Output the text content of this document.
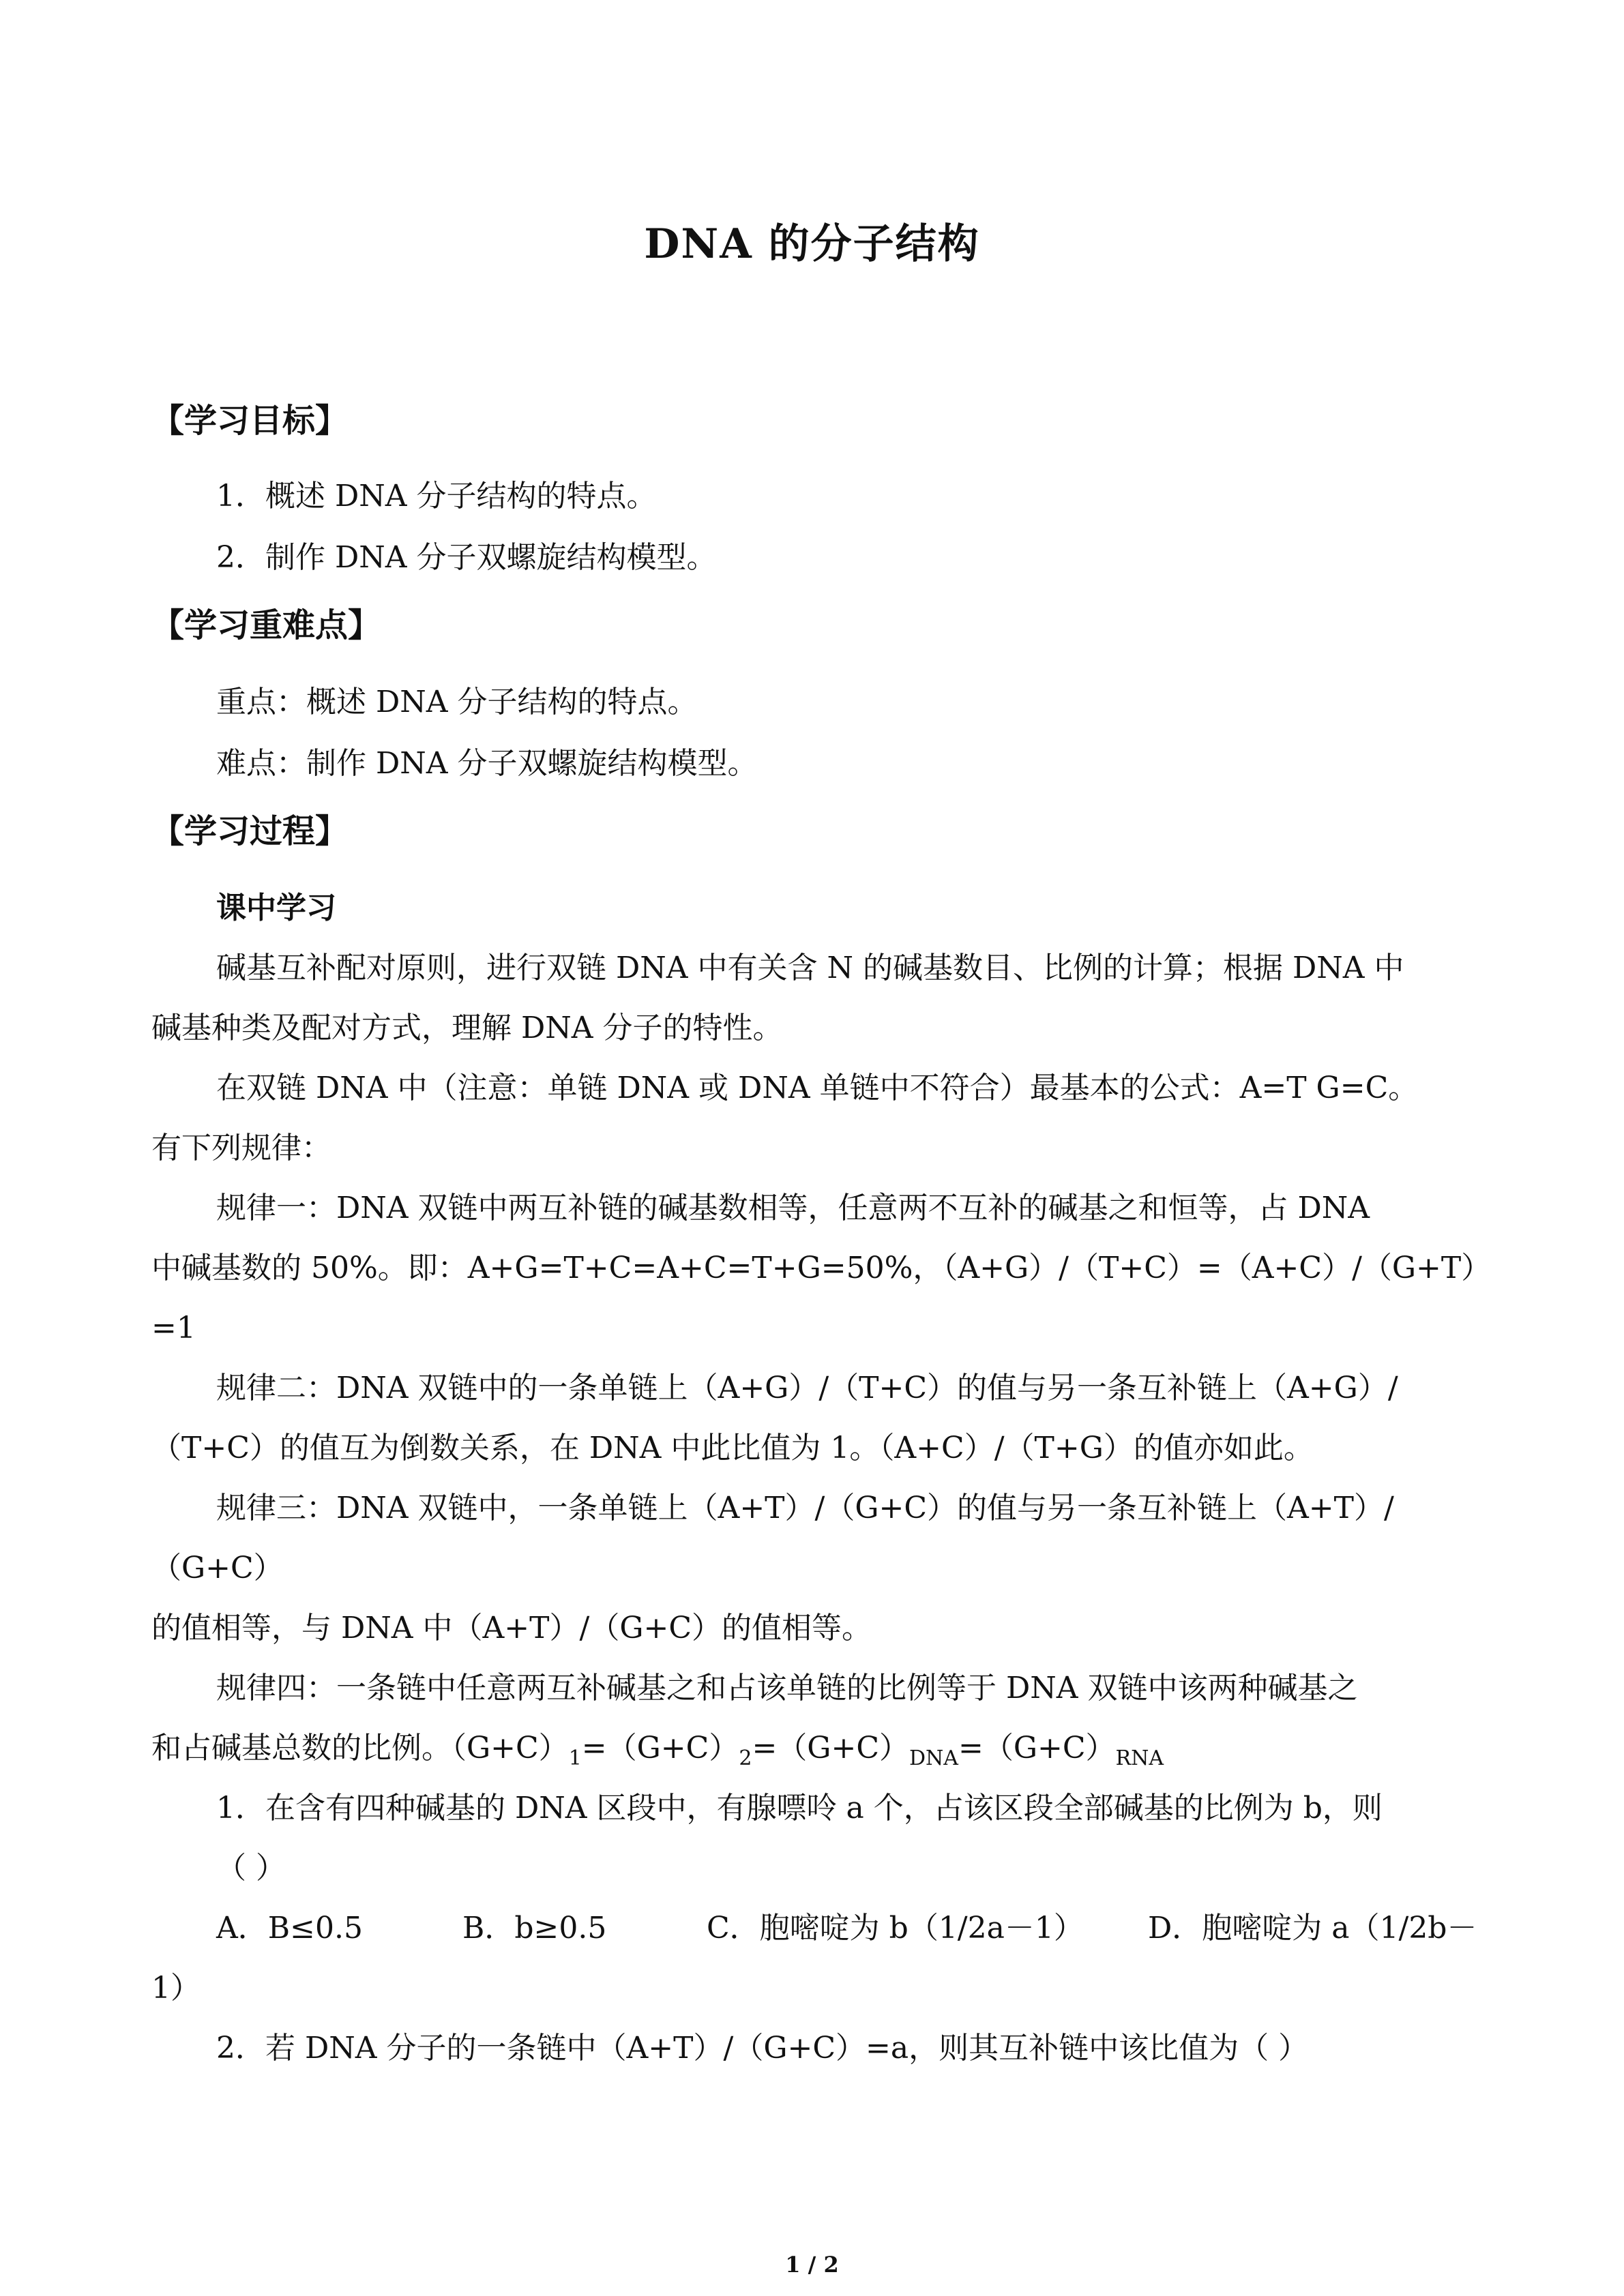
DNA 的分子结构
【学习目标】
1．概述 DNA 分子结构的特点。
2．制作 DNA 分子双螺旋结构模型。
【学习重难点】
重点：概述 DNA 分子结构的特点。
难点：制作 DNA 分子双螺旋结构模型。
【学习过程】
课中学习
碱基互补配对原则，进行双链 DNA 中有关含 N 的碱基数目、比例的计算；根据 DNA 中
碱基种类及配对方式，理解 DNA 分子的特性。
在双链 DNA 中（注意：单链 DNA 或 DNA 单链中不符合）最基本的公式：A=T G=C。
有下列规律：
规律一：DNA 双链中两互补链的碱基数相等，任意两不互补的碱基之和恒等，占 DNA
中碱基数的 50%。即：A+G=T+C=A+C=T+G=50%，（A+G）/（T+C）=（A+C）/（G+T）
=1
规律二：DNA 双链中的一条单链上（A+G）/（T+C）的值与另一条互补链上（A+G）/
（T+C）的值互为倒数关系，在 DNA 中此比值为 1。（A+C）/（T+G）的值亦如此。
规律三：DNA 双链中，一条单链上（A+T）/（G+C）的值与另一条互补链上（A+T）/
（G+C）
的值相等，与 DNA 中（A+T）/（G+C）的值相等。
规律四：一条链中任意两互补碱基之和占该单链的比例等于 DNA 双链中该两种碱基之
和占碱基总数的比例。$(G+C)_1=(G+C)_2=(G+C)_{DNA}=(G+C)_{RNA}$
1．在含有四种碱基的 DNA 区段中，有腺嘌呤 a 个，占该区段全部碱基的比例为 b，则
（ ）
A．B≤0.5	B．b≥0.5	C．胞嘧啶为 b（1/2a－1） D．胞嘧啶为 a（1/2b－
1）
2．若 DNA 分子的一条链中（A+T）/（G+C）=a，则其互补链中该比值为（ ）
1 / 2
